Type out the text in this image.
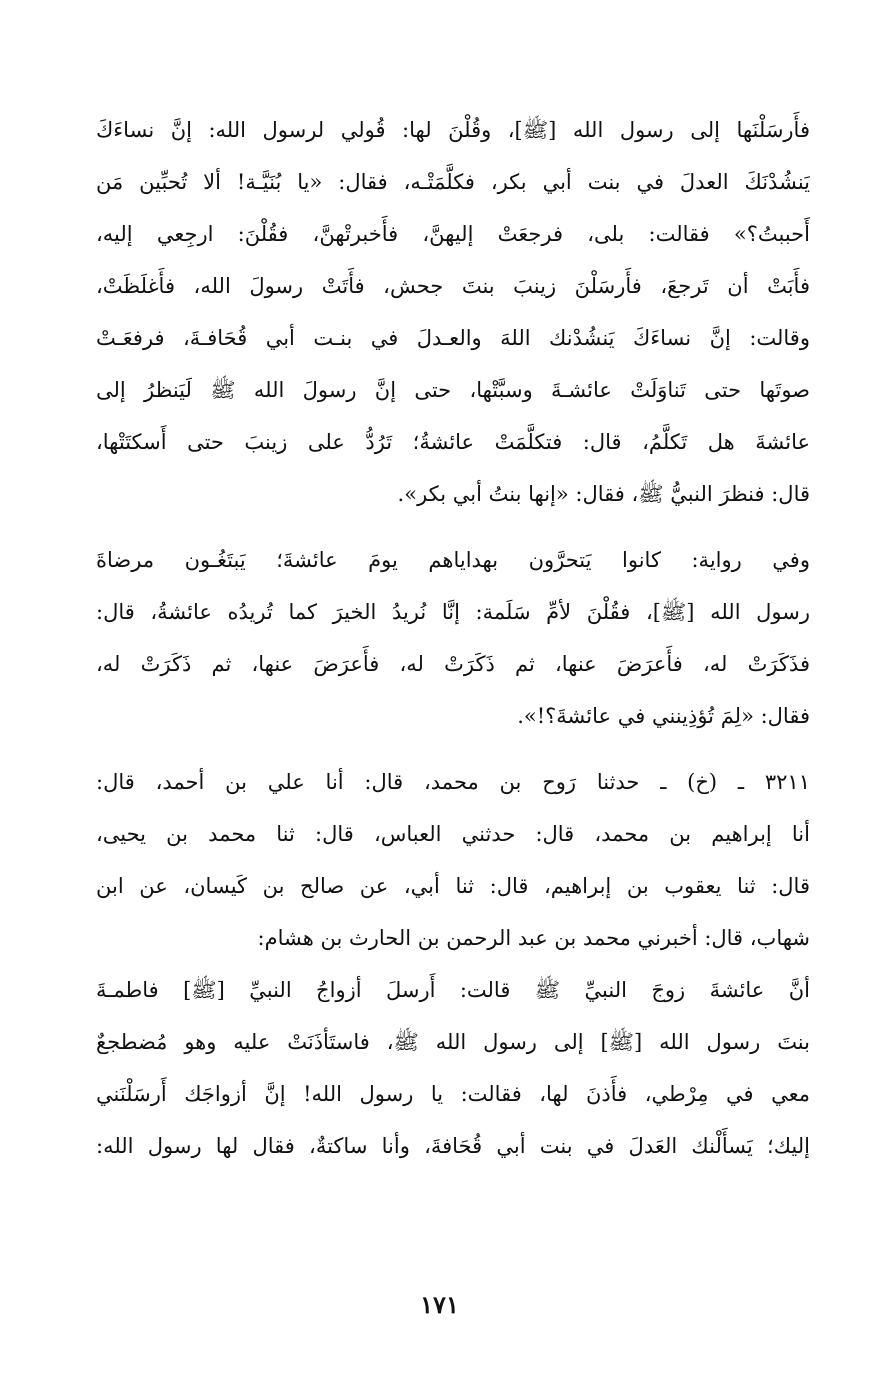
فأَرسَلْنَها إلى رسول الله [ﷺ]، وقُلْنَ لها: قُولي لرسول الله: إنَّ نساءَكَ
يَنشُدْنَكَ العدلَ في بنت أبي بكر، فكلَّمَتْـه، فقال: «يا بُنَيَّـة! ألا تُحبِّين مَن
أَحببتُ؟» فقالت: بلى، فرجعَتْ إليهنَّ، فأَخبرتْهنَّ، فقُلْنَ: ارجِعي إليه،
فأَبَتْ أن تَرجعَ، فأَرسَلْنَ زينبَ بنتَ جحش، فأَتَتْ رسولَ الله، فأَغلَظَتْ،
وقالت: إنَّ نساءَكَ يَنشُدْنك اللهَ والعـدلَ في بنـت أبي قُحَافـةَ، فرفعَـتْ
صوتَها حتى تَناوَلَتْ عائشـةَ وسبَّتْها، حتى إنَّ رسولَ الله ﷺ لَيَنظرُ إلى
عائشةَ هل تَكلَّمُ، قال: فتكلَّمَتْ عائشةُ؛ تَرُدُّ على زينبَ حتى أَسكتَتْها،
قال: فنظرَ النبيُّ ﷺ، فقال: «إنها بنتُ أبي بكر».
وفي رواية: كانوا يَتحرَّون بهداياهم يومَ عائشةَ؛ يَبتَغُـون مرضاةَ
رسول الله [ﷺ]، فقُلْنَ لأمِّ سَلَمة: إنَّا نُريدُ الخيرَ كما تُريدُه عائشةُ، قال:
فذَكَرَتْ له، فأَعرَضَ عنها، ثم ذَكَرَتْ له، فأَعرَضَ عنها، ثم ذَكَرَتْ له،
فقال: «لِمَ تُؤذِينني في عائشةَ؟!».
٣٢١١ ـ (خ) ـ حدثنا رَوح بن محمد، قال: أنا علي بن أحمد، قال:
أنا إبراهيم بن محمد، قال: حدثني العباس، قال: ثنا محمد بن يحيى،
قال: ثنا يعقوب بن إبراهيم، قال: ثنا أبي، عن صالح بن كَيسان، عن ابن
شهاب، قال: أخبرني محمد بن عبد الرحمن بن الحارث بن هشام:
أنَّ عائشةَ زوجَ النبيِّ ﷺ قالت: أَرسلَ أزواجُ النبيِّ [ﷺ] فاطمـةَ
بنتَ رسول الله [ﷺ] إلى رسول الله ﷺ، فاستَأذَنَتْ عليه وهو مُضطجعٌ
معي في مِرْطي، فأَذنَ لها، فقالت: يا رسول الله! إنَّ أزواجَك أَرسَلْنَني
إليك؛ يَسأَلْنك العَدلَ في بنت أبي قُحَافةَ، وأنا ساكتةٌ، فقال لها رسول الله:
١٧١
